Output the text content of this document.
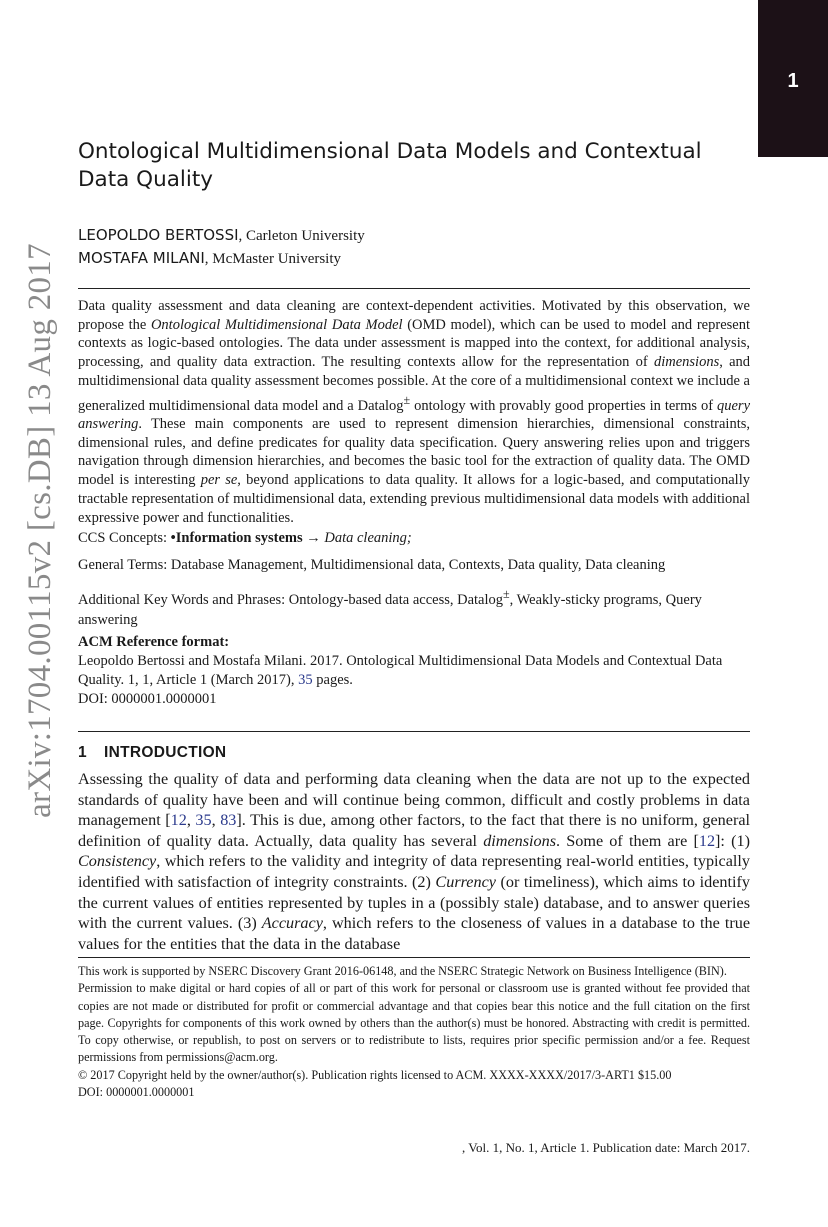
1
arXiv:1704.00115v2 [cs.DB] 13 Aug 2017
Ontological Multidimensional Data Models and Contextual Data Quality

LEOPOLDO BERTOSSI, Carleton University

MOSTAFA MILANI, McMaster University

Data quality assessment and data cleaning are context-dependent activities. Motivated by this observation, we propose the Ontological Multidimensional Data Model (OMD model), which can be used to model and represent contexts as logic-based ontologies. The data under assessment is mapped into the context, for additional analysis, processing, and quality data extraction. The resulting contexts allow for the representation of dimensions, and multidimensional data quality assessment becomes possible. At the core of a multidimensional context we include a generalized multidimensional data model and a Datalog± ontology with provably good properties in terms of query answering. These main components are used to represent dimension hierarchies, dimensional constraints, dimensional rules, and define predicates for quality data specification. Query answering relies upon and triggers navigation through dimension hierarchies, and becomes the basic tool for the extraction of quality data. The OMD model is interesting per se, beyond applications to data quality. It allows for a logic-based, and computationally tractable representation of multidimensional data, extending previous multidimensional data models with additional expressive power and functionalities.

CCS Concepts: •Information systems → Data cleaning;

General Terms: Database Management, Multidimensional data, Contexts, Data quality, Data cleaning

Additional Key Words and Phrases: Ontology-based data access, Datalog±, Weakly-sticky programs, Query answering

ACM Reference format:

Leopoldo Bertossi and Mostafa Milani. 2017. Ontological Multidimensional Data Models and Contextual Data Quality. 1, 1, Article 1 (March 2017), 35 pages.

DOI: 0000001.0000001

1 INTRODUCTION

Assessing the quality of data and performing data cleaning when the data are not up to the expected standards of quality have been and will continue being common, difficult and costly problems in data management [12, 35, 83]. This is due, among other factors, to the fact that there is no uniform, general definition of quality data. Actually, data quality has several dimensions. Some of them are [12]: (1) Consistency, which refers to the validity and integrity of data representing real-world entities, typically identified with satisfaction of integrity constraints. (2) Currency (or timeliness), which aims to identify the current values of entities represented by tuples in a (possibly stale) database, and to answer queries with the current values. (3) Accuracy, which refers to the closeness of values in a database to the true values for the entities that the data in the database

This work is supported by NSERC Discovery Grant 2016-06148, and the NSERC Strategic Network on Business Intelligence (BIN).

Permission to make digital or hard copies of all or part of this work for personal or classroom use is granted without fee provided that copies are not made or distributed for profit or commercial advantage and that copies bear this notice and the full citation on the first page. Copyrights for components of this work owned by others than the author(s) must be honored. Abstracting with credit is permitted. To copy otherwise, or republish, to post on servers or to redistribute to lists, requires prior specific permission and/or a fee. Request permissions from permissions@acm.org.

© 2017 Copyright held by the owner/author(s). Publication rights licensed to ACM. XXXX-XXXX/2017/3-ART1 $15.00

DOI: 0000001.0000001

, Vol. 1, No. 1, Article 1. Publication date: March 2017.
